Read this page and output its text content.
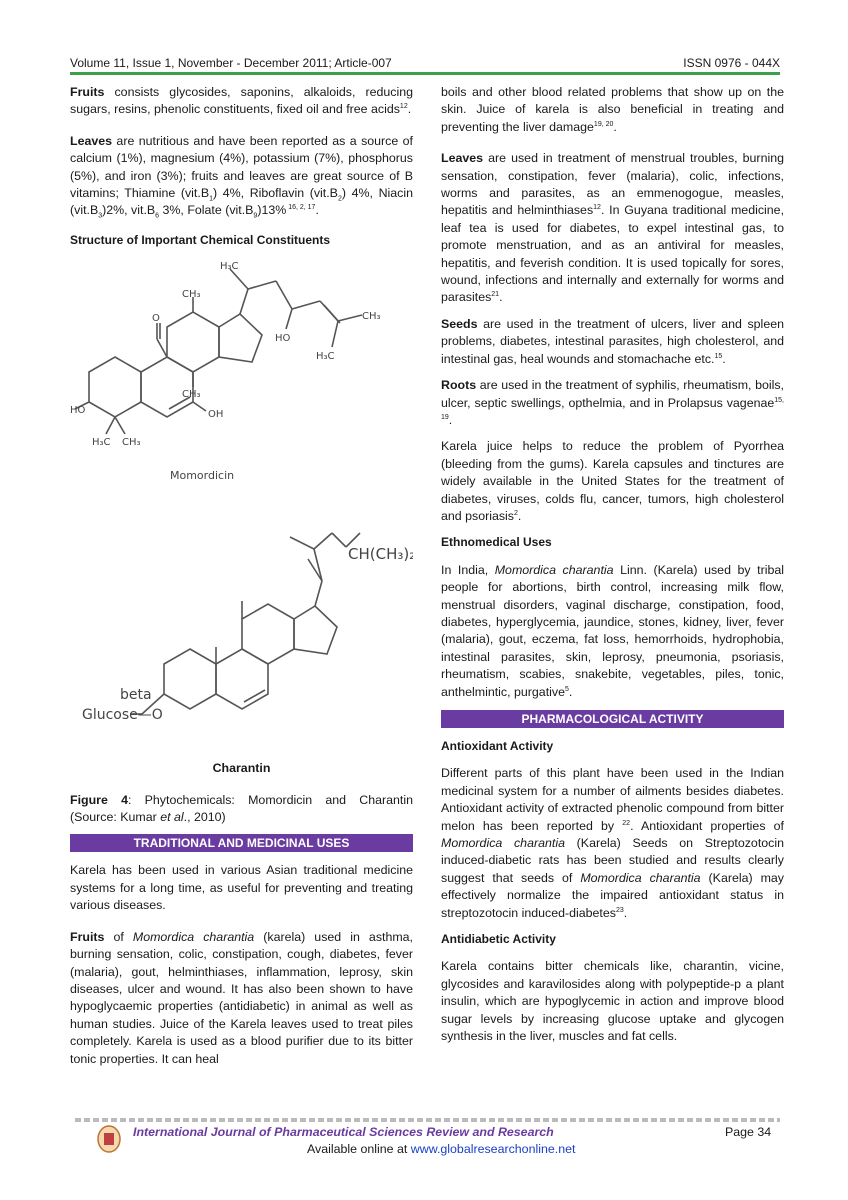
Volume 11, Issue 1, November - December 2011; Article-007	ISSN 0976 - 044X

Fruits consists glycosides, saponins, alkaloids, reducing sugars, resins, phenolic constituents, fixed oil and free acids$^{12}$.

Leaves are nutritious and have been reported as a source of calcium (1%), magnesium (4%), potassium (7%), phosphorus (5%), and iron (3%); fruits and leaves are great source of B vitamins; Thiamine $(vit.B_1)$ 4%, Riboflavin $(vit.B_2)$ 4%, Niacin $(vit.B_3)2\%$, $vit.B_6$ 3%, Folate $(vit.B_9)13\%$ $^{16, 2, 17}$.

Structure of Important Chemical Constituents
H₃C
CH₃
CH₃
HO
H₃C
O
CH₃
HO	OH
H₃C CH₃
Momordicin
CH(CH₃)₂
beta
Glucose—O
Charantin
Figure 4: Phytochemicals: Momordicin and Charantin (Source: Kumar et al., 2010)
TRADITIONAL AND MEDICINAL USES

Karela has been used in various Asian traditional medicine systems for a long time, as useful for preventing and treating various diseases.

Fruits of Momordica charantia (karela) used in asthma, burning sensation, colic, constipation, cough, diabetes, fever (malaria), gout, helminthiases, inflammation, leprosy, skin diseases, ulcer and wound. It has also been shown to have hypoglycaemic properties (antidiabetic) in animal as well as human studies. Juice of the Karela leaves used to treat piles completely. Karela is used as a blood purifier due to its bitter tonic properties. It can heal

boils and other blood related problems that show up on the skin. Juice of karela is also beneficial in treating and preventing the liver damage$^{19, 20}$.

Leaves are used in treatment of menstrual troubles, burning sensation, constipation, fever (malaria), colic, infections, worms and parasites, as an emmenogogue, measles, hepatitis and helminthiases$^{12}$. In Guyana traditional medicine, leaf tea is used for diabetes, to expel intestinal gas, to promote menstruation, and as an antiviral for measles, hepatitis, and feverish condition. It is used topically for sores, wound, infections and internally and externally for worms and parasites$^{21}$.

Seeds are used in the treatment of ulcers, liver and spleen problems, diabetes, intestinal parasites, high cholesterol, and intestinal gas, heal wounds and stomachache etc.$^{15}$.

Roots are used in the treatment of syphilis, rheumatism, boils, ulcer, septic swellings, opthelmia, and in Prolapsus vagenae$^{15, 19}$.

Karela juice helps to reduce the problem of Pyorrhea (bleeding from the gums). Karela capsules and tinctures are widely available in the United States for the treatment of diabetes, viruses, colds flu, cancer, tumors, high cholesterol and psoriasis$^2$.

Ethnomedical Uses

In India, Momordica charantia Linn. (Karela) used by tribal people for abortions, birth control, increasing milk flow, menstrual disorders, vaginal discharge, constipation, food, diabetes, hyperglycemia, jaundice, stones, kidney, liver, fever (malaria), gout, eczema, fat loss, hemorrhoids, hydrophobia, intestinal parasites, skin, leprosy, pneumonia, psoriasis, rheumatism, scabies, snakebite, vegetables, piles, tonic, anthelmintic, purgative$^5$.

PHARMACOLOGICAL ACTIVITY
Antioxidant Activity

Different parts of this plant have been used in the Indian medicinal system for a number of ailments besides diabetes. Antioxidant activity of extracted phenolic compound from bitter melon has been reported by $^{22}$. Antioxidant properties of Momordica charantia (Karela) Seeds on Streptozotocin induced-diabetic rats has been studied and results clearly suggest that seeds of Momordica charantia (Karela) may effectively normalize the impaired antioxidant status in streptozotocin induced-diabetes$^{23}$.

Antidiabetic Activity

Karela contains bitter chemicals like, charantin, vicine, glycosides and karavilosides along with polypeptide-p a plant insulin, which are hypoglycemic in action and improve blood sugar levels by increasing glucose uptake and glycogen synthesis in the liver, muscles and fat cells.

International Journal of Pharmaceutical Sciences Review and Research	Page 34
Available online at www.globalresearchonline.net
